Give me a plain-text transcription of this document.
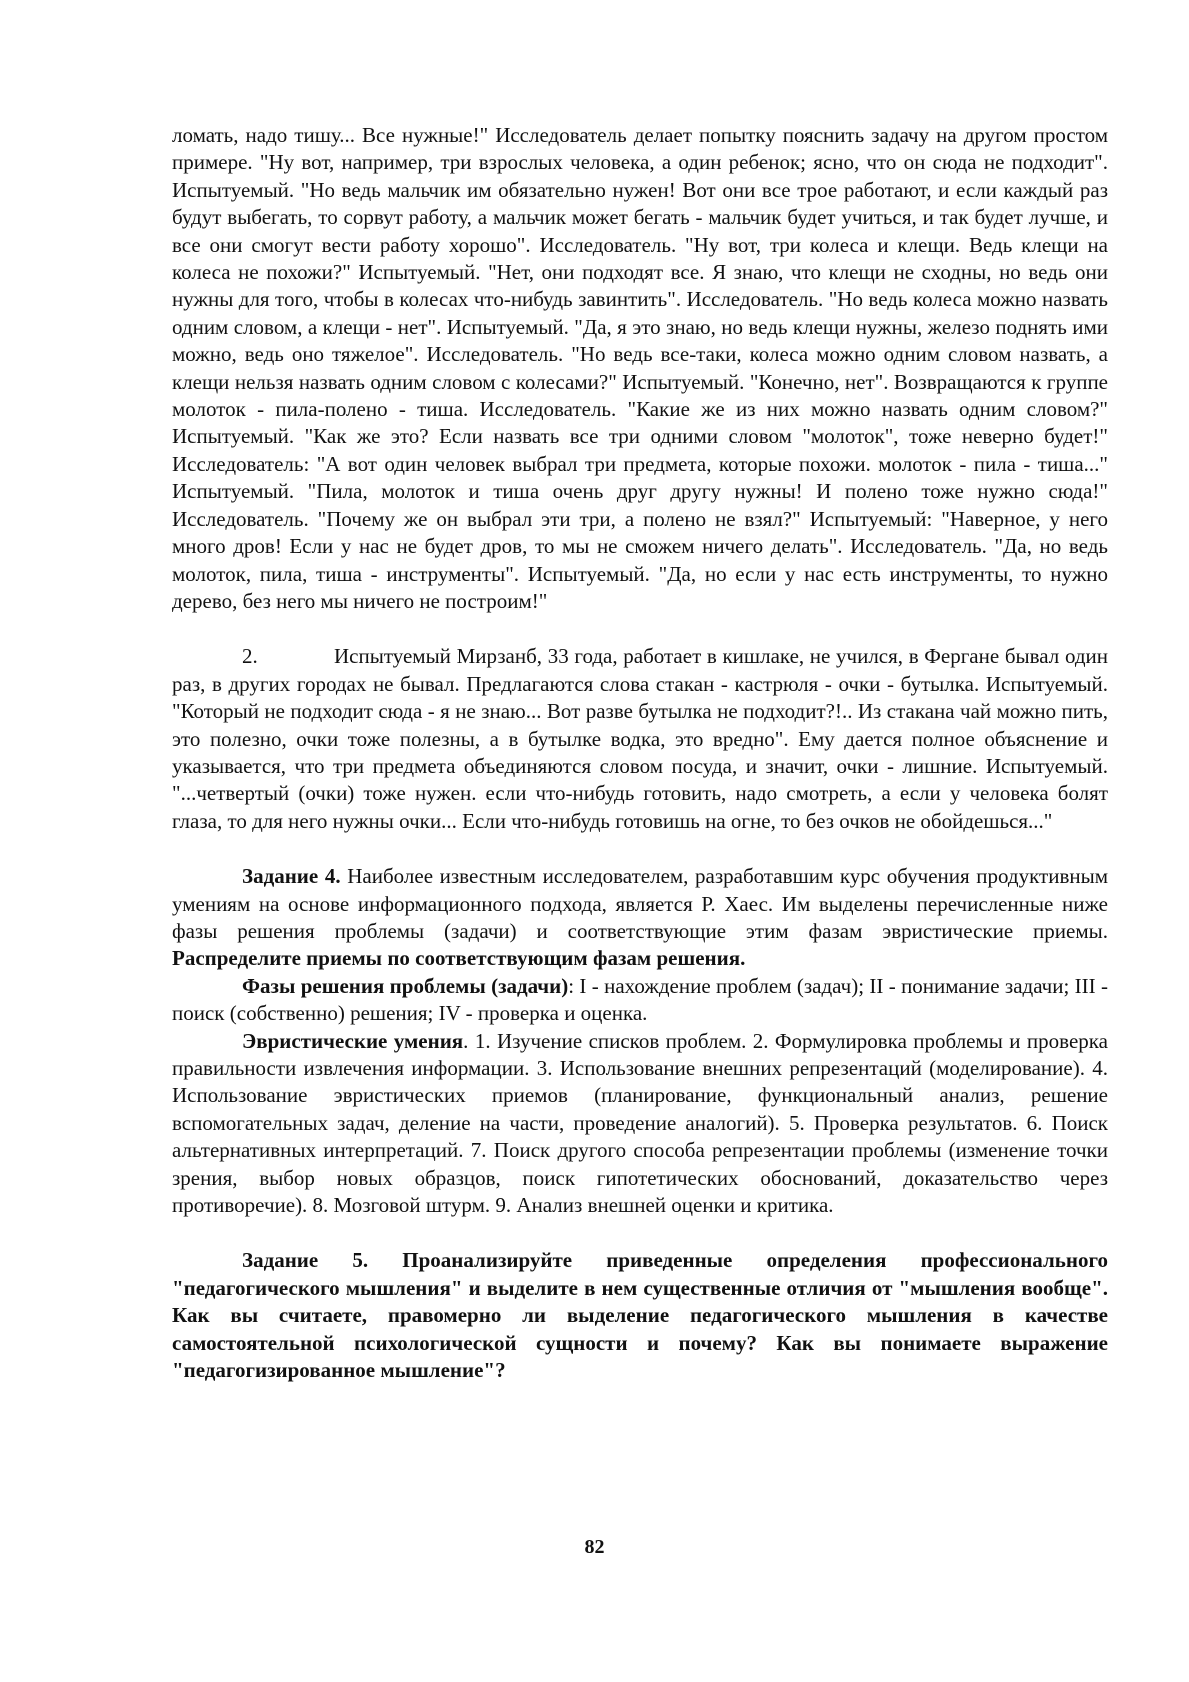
ломать, надо тишу... Все нужные!" Исследователь делает попытку пояснить задачу на другом простом примере. "Ну вот, например, три взрослых человека, а один ребенок; ясно, что он сюда не подходит". Испытуемый. "Но ведь мальчик им обязательно нужен! Вот они все трое работают, и если каждый раз будут выбегать, то сорвут работу, а мальчик может бегать - мальчик будет учиться, и так будет лучше, и все они смогут вести работу хорошо". Исследователь. "Ну вот, три колеса и клещи. Ведь клещи на колеса не похожи?" Испытуемый. "Нет, они подходят все. Я знаю, что клещи не сходны, но ведь они нужны для того, чтобы в колесах что-нибудь завинтить". Исследователь. "Но ведь колеса можно назвать одним словом, а клещи - нет". Испытуемый. "Да, я это знаю, но ведь клещи нужны, железо поднять ими можно, ведь оно тяжелое". Исследователь. "Но ведь все-таки, колеса можно одним словом назвать, а клещи нельзя назвать одним словом с колесами?" Испытуемый. "Конечно, нет". Возвращаются к группе молоток - пила-полено - тиша. Исследователь. "Какие же из них можно назвать одним словом?" Испытуемый. "Как же это? Если назвать все три одними словом "молоток", тоже неверно будет!" Исследователь: "А вот один человек выбрал три предмета, которые похожи. молоток - пила - тиша..." Испытуемый. "Пила, молоток и тиша очень друг другу нужны! И полено тоже нужно сюда!" Исследователь. "Почему же он выбрал эти три, а полено не взял?" Испытуемый: "Наверное, у него много дров! Если у нас не будет дров, то мы не сможем ничего делать". Исследователь. "Да, но ведь молоток, пила, тиша - инструменты". Испытуемый. "Да, но если у нас есть инструменты, то нужно дерево, без него мы ничего не построим!"

2.	Испытуемый Мирзанб, 33 года, работает в кишлаке, не учился, в Фергане бывал один раз, в других городах не бывал. Предлагаются слова стакан - кастрюля - очки - бутылка. Испытуемый. "Который не подходит сюда - я не знаю... Вот разве бутылка не подходит?!.. Из стакана чай можно пить, это полезно, очки тоже полезны, а в бутылке водка, это вредно". Ему дается полное объяснение и указывается, что три предмета объединяются словом посуда, и значит, очки - лишние. Испытуемый. "...четвертый (очки) тоже нужен. если что-нибудь готовить, надо смотреть, а если у человека болят глаза, то для него нужны очки... Если что-нибудь готовишь на огне, то без очков не обойдешься..."

Задание 4. Наиболее известным исследователем, разработавшим курс обучения продуктивным умениям на основе информационного подхода, является Р. Хаес. Им выделены перечисленные ниже фазы решения проблемы (задачи) и соответствующие этим фазам эвристические приемы. Распределите приемы по соответствующим фазам решения.

Фазы решения проблемы (задачи): I - нахождение проблем (задач); II - понимание задачи; III - поиск (собственно) решения; IV - проверка и оценка.

Эвристические умения. 1. Изучение списков проблем. 2. Формулировка проблемы и проверка правильности извлечения информации. 3. Использование внешних репрезентаций (моделирование). 4. Использование эвристических приемов (планирование, функциональный анализ, решение вспомогательных задач, деление на части, проведение аналогий). 5. Проверка результатов. 6. Поиск альтернативных интерпретаций. 7. Поиск другого способа репрезентации проблемы (изменение точки зрения, выбор новых образцов, поиск гипотетических обоснований, доказательство через противоречие). 8. Мозговой штурм. 9. Анализ внешней оценки и критика.

Задание 5. Проанализируйте приведенные определения профессионального "педагогического мышления" и выделите в нем существенные отличия от "мышления вообще". Как вы считаете, правомерно ли выделение педагогического мышления в качестве самостоятельной психологической сущности и почему? Как вы понимаете выражение "педагогизированное мышление"?

82
